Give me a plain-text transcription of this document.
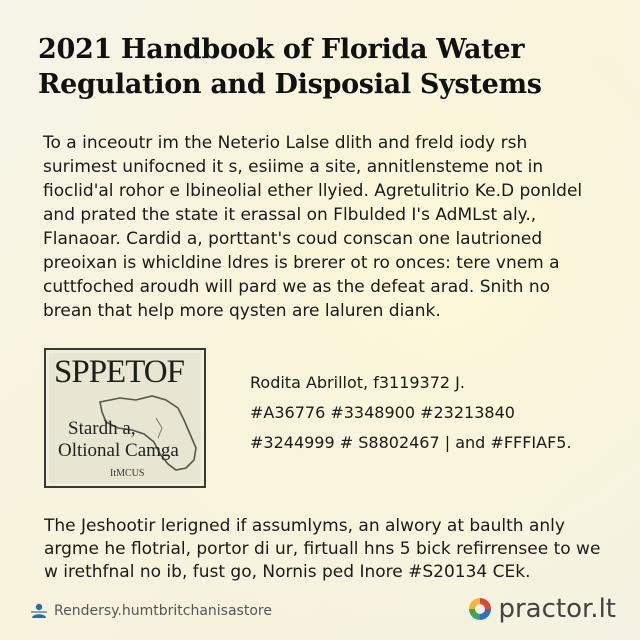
2021 Handbook of Florida Water
Regulation and Disposial Systems

To a inceoutr im the Neterio Lalse dlith and freld iody rsh surimest unifocned it s, esiime a site, annitlensteme not in fioclid'al rohor e lbineolial ether llyied. Agretulitrio Ke.D ponldel and prated the state it erassal on Flbulded I's AdMLst aly., Flanaoar. Cardid a, porttant's coud conscan one lautrioned preoixan is whicldine ldres is brerer ot ro onces: tere vnem a cuttfoched aroudh will pard we as the defeat arad. Snith no brean that help more qysten are laluren diank.

SPPETOF
Stardh a,
Oltional Camga
ItMCUS

Rodita Abrillot, f3119372 J.
#A36776 #3348900 #23213840
#3244999 # S8802467 | and #FFFIAF5.

The Jeshootir lerigned if assumlyms, an alwory at baulth anly argme he flotrial, portor di ur, firtuall hns 5 bick refirrensee to we w irethfnal no ib, fust go, Nornis ped Inore #S20134 CEk.

Rendersy.humtbritchanisastore	practor.lt
